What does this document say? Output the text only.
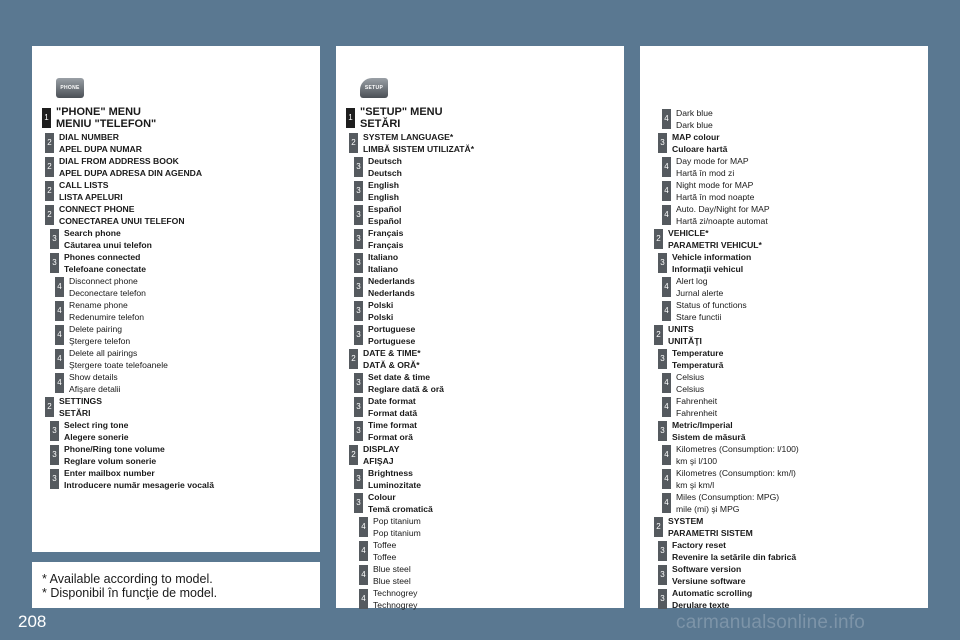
PHONE
1 "PHONE" MENU
MENIU "TELEFON"
2
DIAL NUMBER
APEL DUPA NUMAR
2
DIAL FROM ADDRESS BOOK
APEL DUPA ADRESA DIN AGENDA
2
CALL LISTS
LISTA APELURI
2
CONNECT PHONE
CONECTAREA UNUI TELEFON
3
Search phone
Căutarea unui telefon
3
Phones connected
Telefoane conectate
4
Disconnect phone
Deconectare telefon
4
Rename phone
Redenumire telefon
4
Delete pairing
Ştergere telefon
4
Delete all pairings
Ştergere toate telefoanele
4
Show details
Afişare detalii
2
SETTINGS
SETĂRI
3
Select ring tone
Alegere sonerie
3
Phone/Ring tone volume
Reglare volum sonerie
3
Enter mailbox number
Introducere număr mesagerie vocală
SETUP
1 "SETUP" MENU
SETĂRI
2
SYSTEM LANGUAGE*
LIMBĂ SISTEM UTILIZATĂ*
3
Deutsch
Deutsch
3
English
English
3
Español
Español
3
Français
Français
3
Italiano
Italiano
3
Nederlands
Nederlands
3
Polski
Polski
3
Portuguese
Portuguese
2
DATE & TIME*
DATĂ & ORĂ*
3
Set date & time
Reglare dată & oră
3
Date format
Format dată
3
Time format
Format oră
2
DISPLAY
AFIŞAJ
3
Brightness
Luminozitate
3
Colour
Temă cromatică
4
Pop titanium
Pop titanium
4
Toffee
Toffee
4
Blue steel
Blue steel
4
Technogrey
Technogrey
4
Dark blue
Dark blue
3
MAP colour
Culoare hartă
4
Day mode for MAP
Hartă în mod zi
4
Night mode for MAP
Hartă în mod noapte
4
Auto. Day/Night for MAP
Hartă zi/noapte automat
2
VEHICLE*
PARAMETRI VEHICUL*
3
Vehicle information
Informaţii vehicul
4
Alert log
Jurnal alerte
4
Status of functions
Stare functii
2
UNITS
UNITĂŢI
3
Temperature
Temperatură
4
Celsius
Celsius
4
Fahrenheit
Fahrenheit
3
Metric/Imperial
Sistem de măsură
4
Kilometres (Consumption: l/100)
km şi l/100
4
Kilometres (Consumption: km/l)
km şi km/l
4
Miles (Consumption: MPG)
mile (mi) şi MPG
2
SYSTEM
PARAMETRI SISTEM
3
Factory reset
Revenire la setările din fabrică
3
Software version
Versiune software
3
Automatic scrolling
Derulare texte
* Available according to model.
* Disponibil în funcţie de model.
208	carmanualsonline.info
